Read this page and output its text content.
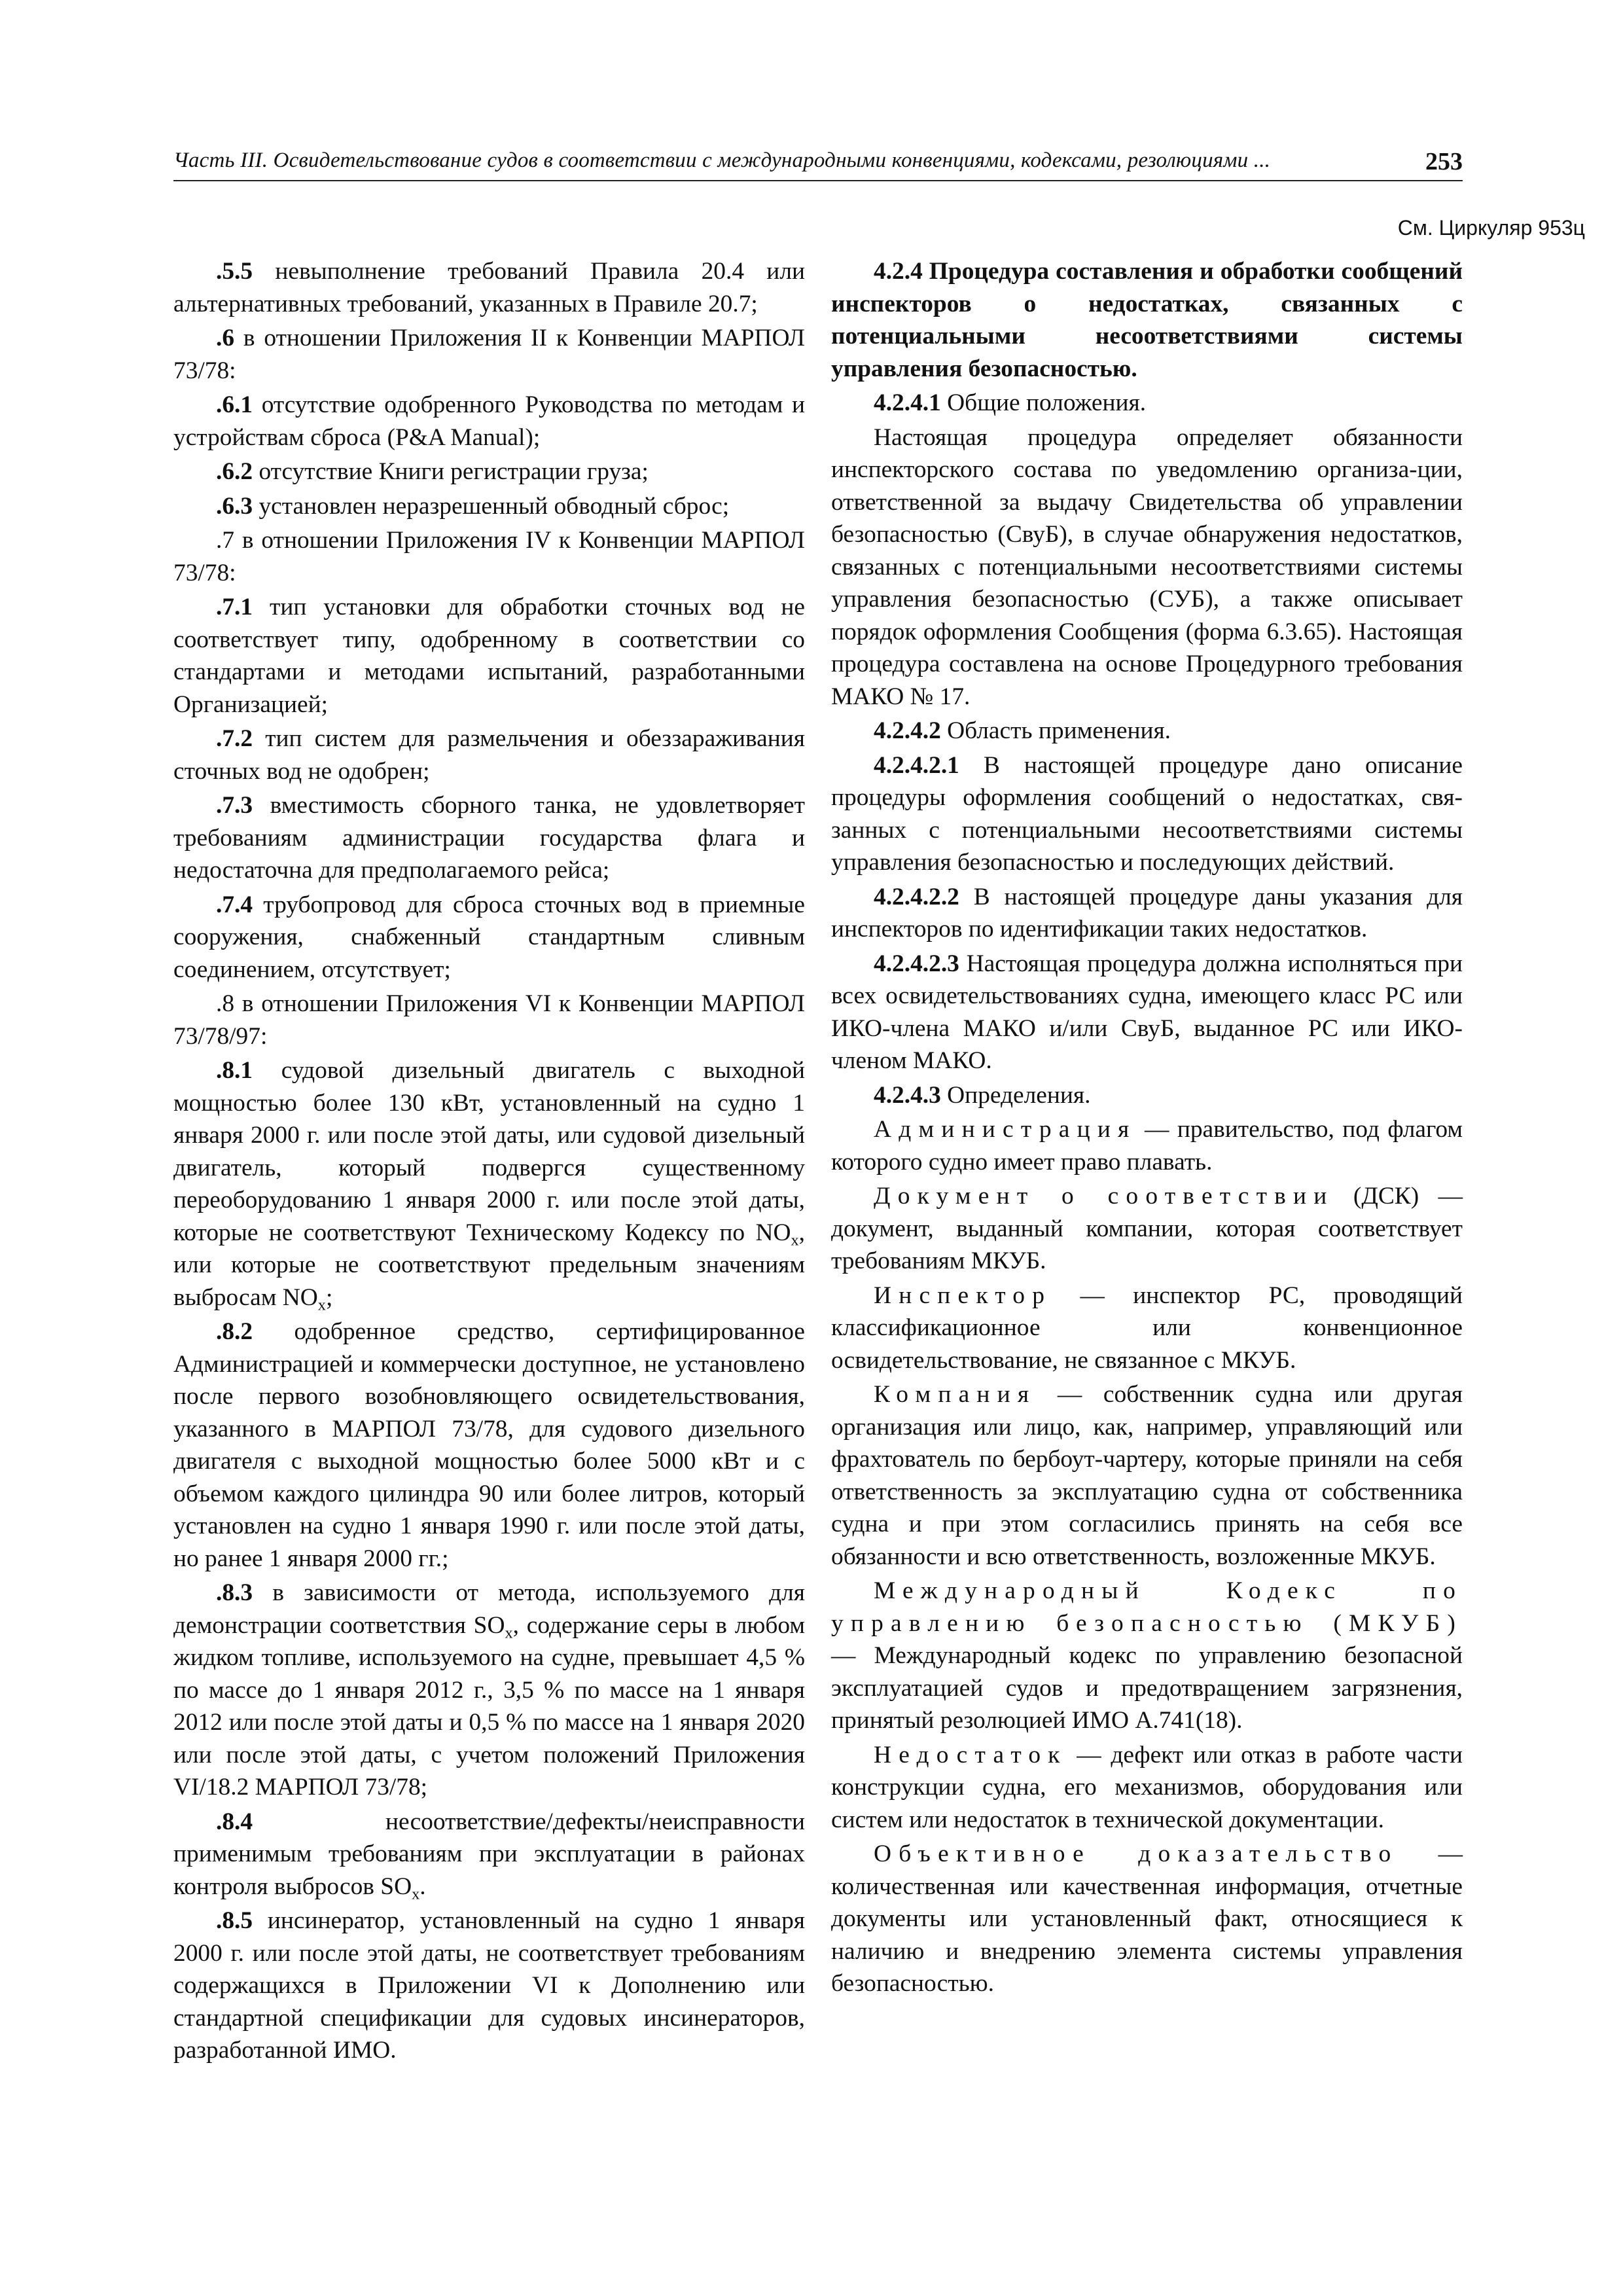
Часть III. Освидетельствование судов в соответствии с международными конвенциями, кодексами, резолюциями ...	253
См. Циркуляр 953ц

.5.5 невыполнение требований Правила 20.4 или альтернативных требований, указанных в Правиле 20.7;

.6 в отношении Приложения II к Конвенции МАРПОЛ 73/78:

.6.1 отсутствие одобренного Руководства по методам и устройствам сброса (P&A Manual);

.6.2 отсутствие Книги регистрации груза;

.6.3 установлен неразрешенный обводный сброс;

.7 в отношении Приложения IV к Конвенции МАРПОЛ 73/78:

.7.1 тип установки для обработки сточных вод не соответствует типу, одобренному в соответствии со стандартами и методами испытаний, разработанными Организацией;

.7.2 тип систем для размельчения и обеззараживания сточных вод не одобрен;

.7.3 вместимость сборного танка, не удовлетворяет требованиям администрации государства флага и недостаточна для предполагаемого рейса;

.7.4 трубопровод для сброса сточных вод в приемные сооружения, снабженный стандартным сливным соединением, отсутствует;

.8 в отношении Приложения VI к Конвенции МАРПОЛ 73/78/97:

.8.1 судовой дизельный двигатель с выходной мощностью более 130 кВт, установленный на судно 1 января 2000 г. или после этой даты, или судовой дизельный двигатель, который подвергся существенному переоборудованию 1 января 2000 г. или после этой даты, которые не соответствуют Техническому Кодексу по $NO_x$, или которые не соответствуют предельным значениям выбросам $NO_x$;

.8.2 одобренное средство, сертифицированное Администрацией и коммерчески доступное, не установлено после первого возобновляющего освидетельствования, указанного в МАРПОЛ 73/78, для судового дизельного двигателя с выходной мощностью более 5000 кВт и с объемом каждого цилиндра 90 или более литров, который установлен на судно 1 января 1990 г. или после этой даты, но ранее 1 января 2000 гг.;

.8.3 в зависимости от метода, используемого для демонстрации соответствия $SO_x$, содержание серы в любом жидком топливе, используемого на судне, превышает 4,5 % по массе до 1 января 2012 г., 3,5 % по массе на 1 января 2012 или после этой даты и 0,5 % по массе на 1 января 2020 или после этой даты, с учетом положений Приложения VI/18.2 МАРПОЛ 73/78;

.8.4 несоответствие/дефекты/неисправности применимым требованиям при эксплуатации в районах контроля выбросов $SO_x$.

.8.5 инсинератор, установленный на судно 1 января 2000 г. или после этой даты, не соответствует требованиям содержащихся в Приложении VI к Дополнению или стандартной спецификации для судовых инсинераторов, разработанной ИМО.

4.2.4 Процедура составления и обработки сообщений инспекторов о недостатках, связанных с потенциальными несоответствиями системы управления безопасностью.

4.2.4.1 Общие положения.

Настоящая процедура определяет обязанности инспекторского состава по уведомлению организа-ции, ответственной за выдачу Свидетельства об управлении безопасностью (СвуБ), в случае обнаружения недостатков, связанных с потенциальными несоответствиями системы управления безопасностью (СУБ), а также описывает порядок оформления Сообщения (форма 6.3.65). Настоящая процедура составлена на основе Процедурного требования МАКО № 17.

4.2.4.2 Область применения.

4.2.4.2.1 В настоящей процедуре дано описание процедуры оформления сообщений о недостатках, свя-занных с потенциальными несоответствиями системы управления безопасностью и последующих действий.

4.2.4.2.2 В настоящей процедуре даны указания для инспекторов по идентификации таких недостатков.

4.2.4.2.3 Настоящая процедура должна исполняться при всех освидетельствованиях судна, имеющего класс РС или ИКО-члена МАКО и/или СвуБ, выданное РС или ИКО-членом МАКО.

4.2.4.3 Определения.

Администрация — правительство, под флагом которого судно имеет право плавать.

Документ о соответствии (ДСК) — документ, выданный компании, которая соответствует требованиям МКУБ.

Инспектор — инспектор РС, проводящий классификационное или конвенционное освидетельствование, не связанное с МКУБ.

Компания — собственник судна или другая организация или лицо, как, например, управляющий или фрахтователь по бербоут-чартеру, которые приняли на себя ответственность за эксплуатацию судна от собственника судна и при этом согласились принять на себя все обязанности и всю ответственность, возложенные МКУБ.

Международный Кодекс по управлению безопасностью (МКУБ) — Международный кодекс по управлению безопасной эксплуатацией судов и предотвращением загрязнения, принятый резолюцией ИМО А.741(18).

Недостаток — дефект или отказ в работе части конструкции судна, его механизмов, оборудования или систем или недостаток в технической документации.

Объективное доказательство — количественная или качественная информация, отчетные документы или установленный факт, относящиеся к наличию и внедрению элемента системы управления безопасностью.
